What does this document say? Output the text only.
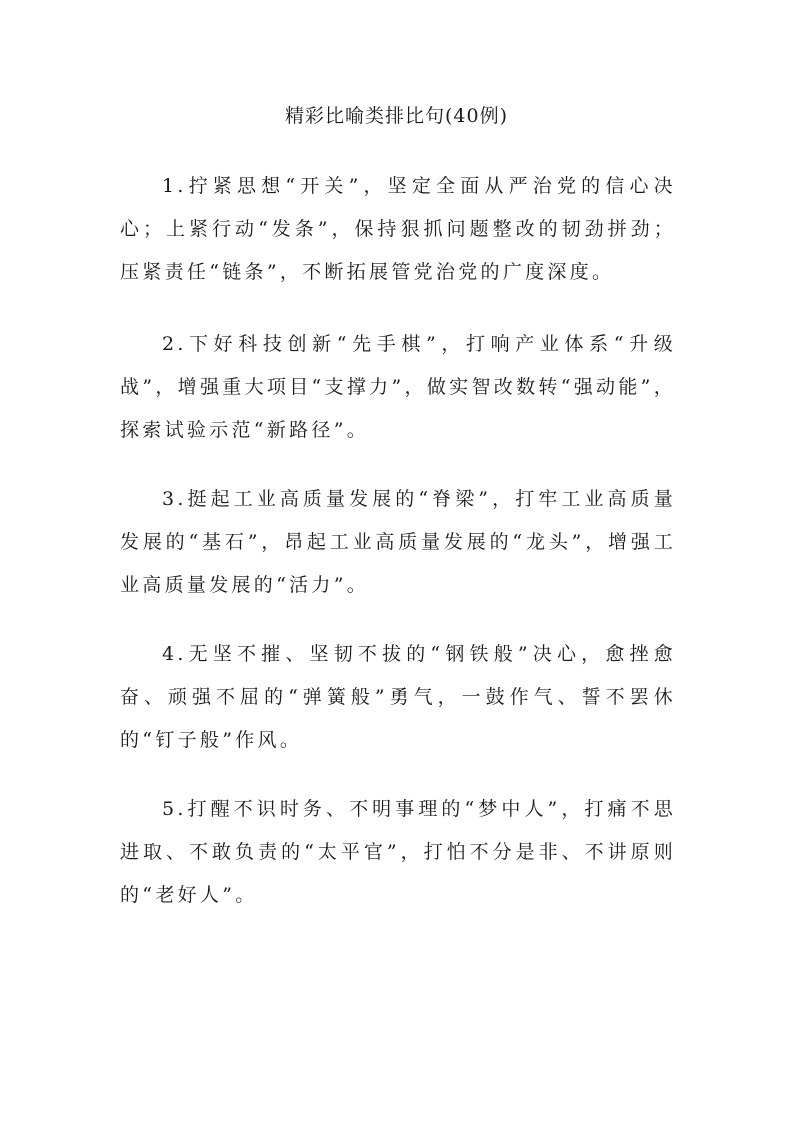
精彩比喻类排比句(40例)

1.拧紧思想“开关”，坚定全面从严治党的信心决心；上紧行动“发条”，保持狠抓问题整改的韧劲拼劲；压紧责任“链条”，不断拓展管党治党的广度深度。

2.下好科技创新“先手棋”，打响产业体系“升级战”，增强重大项目“支撑力”，做实智改数转“强动能”，探索试验示范“新路径”。

3.挺起工业高质量发展的“脊梁”，打牢工业高质量发展的“基石”，昂起工业高质量发展的“龙头”，增强工业高质量发展的“活力”。

4.无坚不摧、坚韧不拔的“钢铁般”决心，愈挫愈奋、顽强不屈的“弹簧般”勇气，一鼓作气、誓不罢休的“钉子般”作风。

5.打醒不识时务、不明事理的“梦中人”，打痛不思进取、不敢负责的“太平官”，打怕不分是非、不讲原则的“老好人”。
